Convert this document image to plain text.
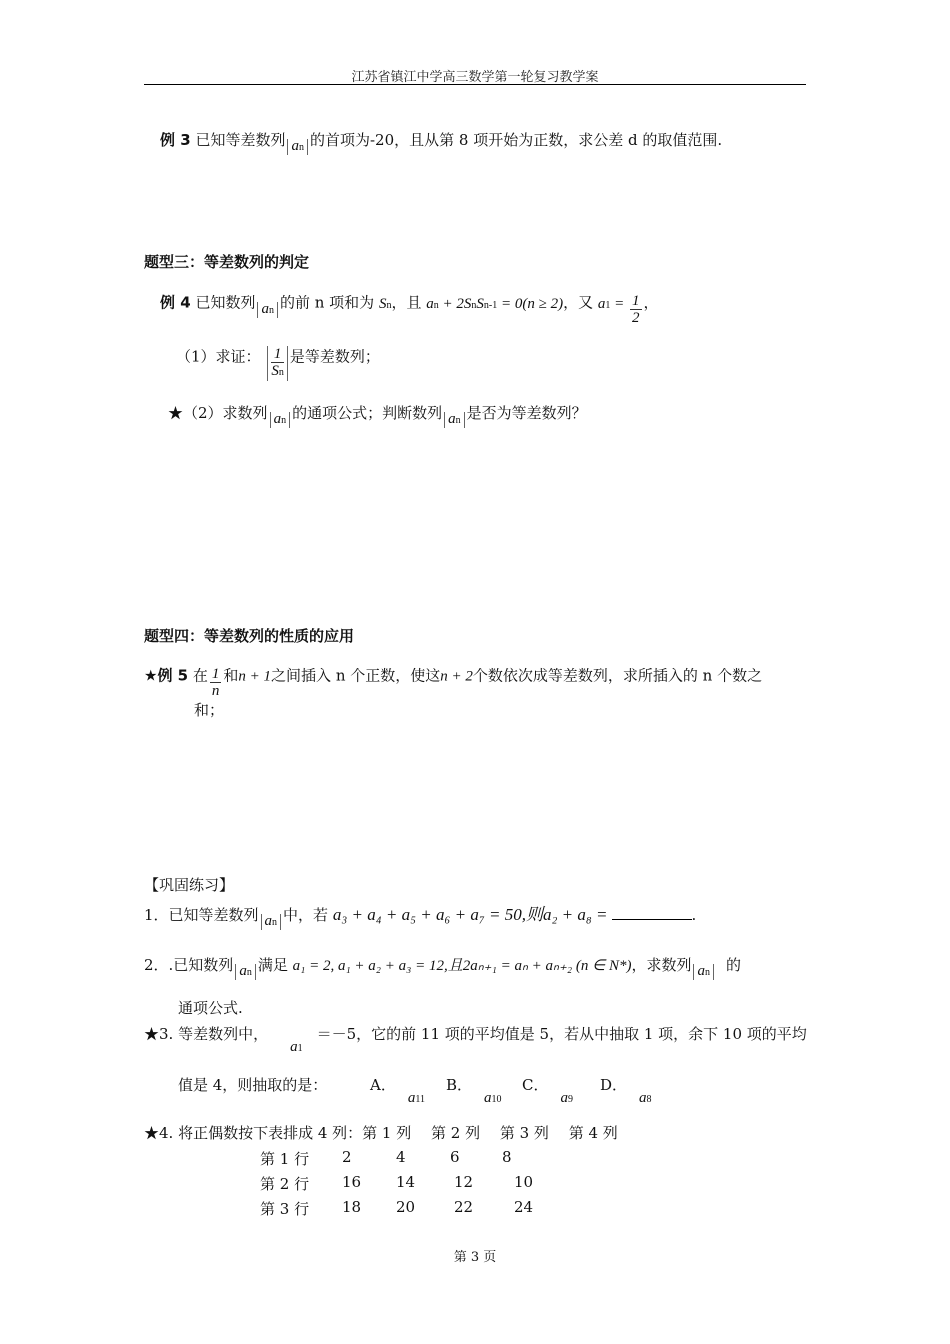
江苏省镇江中学高三数学第一轮复习教学案
例 3 已知等差数列 an 的首项为-20，且从第 8 项开始为正数，求公差 d 的取值范围.
题型三：等差数列的判定
例 4 已知数列 an 的前 n 项和为 Sn，且 an + 2SnSn-1 = 0(n ≥ 2)，又 $a1 = \frac{1}{2}$ ，
（1）求证： $\frac{1}{Sn}$ 是等差数列；
★（2）求数列 an 的通项公式；判断数列 an 是否为等差数列？
题型四：等差数列的性质的应用
★例 5 在 $\frac{1}{n}$ 和n + 1之间插入 n 个正数，使这n + 2个数依次成等差数列，求所插入的 n 个数之
和；
【巩固练习】
1．已知等差数列 an 中，若 a₃ + a₄ + a₅ + a₆ + a₇ = 50,则a₂ + a₈ =	.
2．.已知数列 an 满足 a₁ = 2, a₁ + a₂ + a₃ = 12,且2aₙ₊₁ = aₙ + aₙ₊₂ (n ∈ N*)，求数列 an 的
通项公式.
★3. 等差数列中，a1＝－5，它的前 11 项的平均值是 5，若从中抽取 1 项，余下 10 项的平均
值是 4，则抽取的是：	A．a11
B．a10
C．a9
D．a8
★4. 将正偶数按下表排成 4 列：第 1 列　 第 2 列　 第 3 列　 第 4 列
第 1 行 2	4	6	8
第 2 行 16 14	12	10
第 3 行 18 20	22	24
第 3 页
